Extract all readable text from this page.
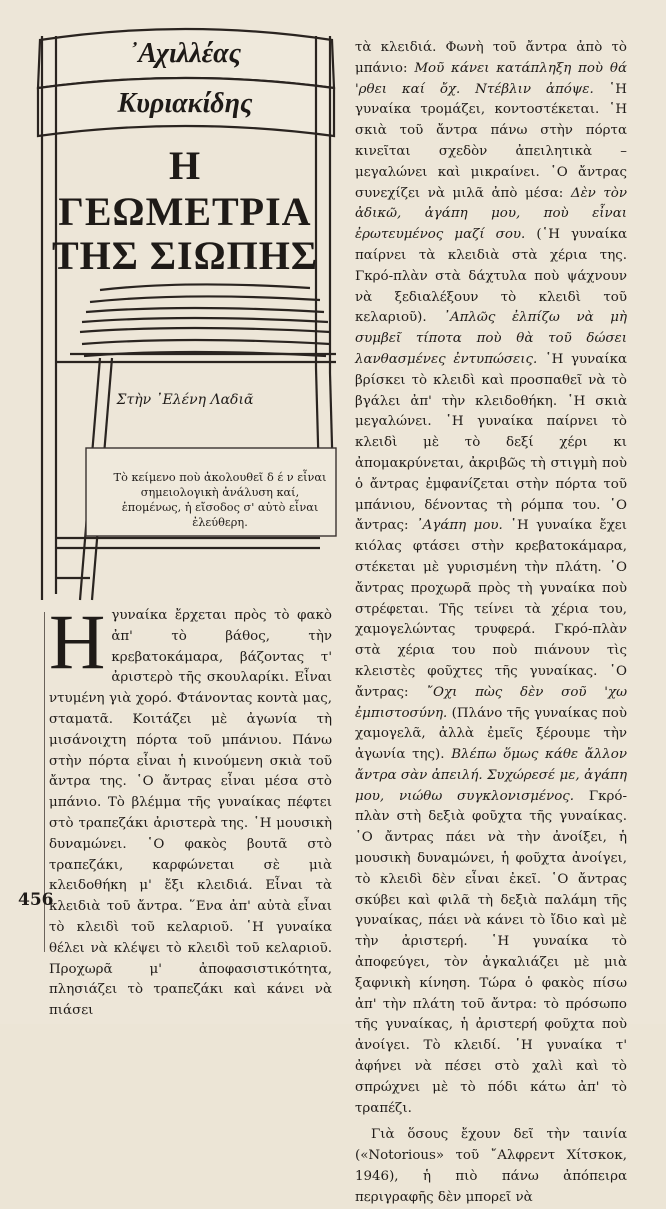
᾿Αχιλλέας
Κυριακίδης
Η
ΓΕΩΜΕΤΡΙΑ
ΤΗΣ ΣΙΩΠΗΣ
Στὴν ᾿Ελένη Λαδιᾶ
Τὸ κείμενο ποὺ ἀκολουθεῖ δ έ ν εἶναι σημειολογικὴ ἀνάλυση καί, ἑπομένως, ἡ εἴσοδος σ' αὐτὸ εἶναι ἐλεύθερη.

τὰ κλειδιά. Φωνὴ τοῦ ἄντρα ἀπὸ τὸ μπάνιο: Μοῦ κάνει κατάπληξη ποὺ θά 'ρθει καί ὄχ. Ντέβλιν ἀπόψε. ῾Η γυναίκα τρομάζει, κοντοστέκεται. ῾Η σκιὰ τοῦ ἄντρα πάνω στὴν πόρτα κινεῖται σχεδὸν ἀπειλητικὰ – μεγαλώνει καὶ μικραίνει. ῾Ο ἄντρας συνεχίζει νὰ μιλᾶ ἀπὸ μέσα: Δὲν τὸν ἀδικῶ, ἀγάπη μου, ποὺ εἶναι ἐρωτευμένος μαζί σου. (῾Η γυναίκα παίρνει τὰ κλειδιὰ στὰ χέρια της. Γκρό-πλὰν στὰ δάχτυλα ποὺ ψάχνουν νὰ ξεδιαλέξουν τὸ κλειδὶ τοῦ κελαριοῦ). ᾿Απλῶς ἐλπίζω νὰ μὴ συμβεῖ τίποτα ποὺ θὰ τοῦ δώσει λανθασμένες ἐντυπώσεις. ῾Η γυναίκα βρίσκει τὸ κλειδὶ καὶ προσπαθεῖ νὰ τὸ βγάλει ἀπ' τὴν κλειδοθήκη. ῾Η σκιὰ μεγαλώνει. ῾Η γυναίκα παίρνει τὸ κλειδὶ μὲ τὸ δεξί χέρι κι ἀπομακρύνεται, ἀκριβῶς τὴ στιγμὴ ποὺ ὁ ἄντρας ἐμφανίζεται στὴν πόρτα τοῦ μπάνιου, δένοντας τὴ ρόμπα του. ῾Ο ἄντρας: ᾿Αγάπη μου. ῾Η γυναίκα ἔχει κιόλας φτάσει στὴν κρεβατοκάμαρα, στέκεται μὲ γυρισμένη τὴν πλάτη. ῾Ο ἄντρας προχωρᾶ πρὸς τὴ γυναίκα ποὺ στρέφεται. Τῆς τείνει τὰ χέρια του, χαμογελώντας τρυφερά. Γκρό-πλὰν στὰ χέρια του ποὺ πιάνουν τὶς κλειστὲς φοῦχτες τῆς γυναίκας. ῾Ο ἄντρας: ῎Οχι πὼς δὲν σοῦ 'χω ἐμπιστοσύνη. (Πλάνο τῆς γυναίκας ποὺ χαμογελᾶ, ἀλλὰ ἐμεῖς ξέρουμε τὴν ἀγωνία της). Βλέπω ὅμως κάθε ἄλλον ἄντρα σὰν ἀπειλή. Συχώρεσέ με, ἀγάπη μου, νιώθω συγκλονισμένος. Γκρό-πλὰν στὴ δεξιὰ φοῦχτα τῆς γυναίκας. ῾Ο ἄντρας πάει νὰ τὴν ἀνοίξει, ἡ μουσικὴ δυναμώνει, ἡ φοῦχτα ἀνοίγει, τὸ κλειδὶ δὲν εἶναι ἐκεῖ. ῾Ο ἄντρας σκύβει καὶ φιλᾶ τὴ δεξιὰ παλάμη τῆς γυναίκας, πάει νὰ κάνει τὸ ἴδιο καὶ μὲ τὴν ἀριστερή. ῾Η γυναίκα τὸ ἀποφεύγει, τὸν ἀγκαλιάζει μὲ μιὰ ξαφνικὴ κίνηση. Τώρα ὁ φακὸς πίσω ἀπ' τὴν πλάτη τοῦ ἄντρα: τὸ πρόσωπο τῆς γυναίκας, ἡ ἀριστερή φοῦχτα ποὺ ἀνοίγει. Τὸ κλειδί. ῾Η γυναίκα τ' ἀφήνει νὰ πέσει στὸ χαλὶ καὶ τὸ σπρώχνει μὲ τὸ πόδι κάτω ἀπ' τὸ τραπέζι.

Γιὰ ὅσους ἔχουν δεῖ τὴν ταινία («Notorious» τοῦ ῎Αλφρεντ Χίτσκοκ, 1946), ἡ πιὸ πάνω ἀπόπειρα περιγραφῆς δὲν μπορεῖ νὰ

456
Η γυναίκα ἔρχεται πρὸς τὸ φακὸ ἀπ' τὸ βάθος, τὴν κρεβατοκάμαρα, βάζοντας τ' ἀριστερὸ τῆς σκουλαρίκι. Εἶναι ντυμένη γιὰ χορό. Φτάνοντας κοντὰ μας, σταματᾶ. Κοιτάζει μὲ ἀγωνία τὴ μισάνοιχτη πόρτα τοῦ μπάνιου. Πάνω στὴν πόρτα εἶναι ἡ κινούμενη σκιὰ τοῦ ἄντρα της. ῾Ο ἄντρας εἶναι μέσα στὸ μπάνιο. Τὸ βλέμμα τῆς γυναίκας πέφτει στὸ τραπεζάκι ἀριστερὰ της. ῾Η μουσικὴ δυναμώνει. ῾Ο φακὸς βουτᾶ στὸ τραπεζάκι, καρφώνεται σὲ μιὰ κλειδοθήκη μ' ἔξι κλειδιά. Εἶναι τὰ κλειδιὰ τοῦ ἄντρα. ῞Ενα ἀπ' αὐτὰ εἶναι τὸ κλειδὶ τοῦ κελαριοῦ. ῾Η γυναίκα θέλει νὰ κλέψει τὸ κλειδὶ τοῦ κελαριοῦ. Προχωρᾶ μ' ἀποφασιστικότητα, πλησιάζει τὸ τραπεζάκι καὶ κάνει νὰ πιάσει
